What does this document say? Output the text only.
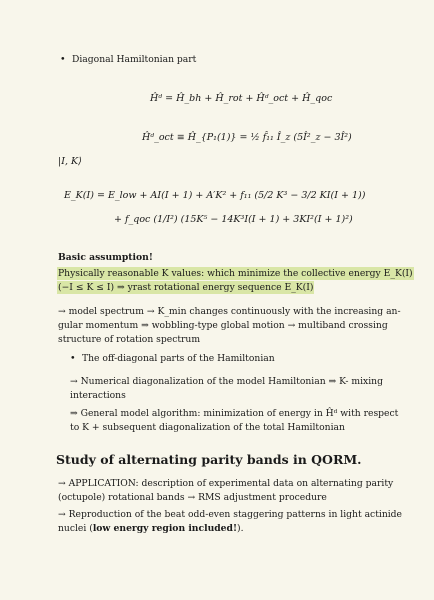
• Diagonal Hamiltonian part
Ĥᵈ = Ĥ_bh + Ĥ_rot + Ĥᵈ_oct + Ĥ_qoc
Ĥᵈ_oct ≡ Ĥ_{P₁(1)} = ½ f̂₁₁ Î_z (5Î²_z − 3Î²)
|I, K⟩
E_K(I) = E_low + AI(I + 1) + A′K² + f₁₁ (5/2 K³ − 3/2 KI(I + 1))
+ f_qoc (1/I²) (15K⁵ − 14K³I(I + 1) + 3KI²(I + 1)²)
Basic assumption!
Physically reasonable K values: which minimize the collective energy E_K(I)
(−I ≤ K ≤ I) ⇒ yrast rotational energy sequence E_K(I)
→ model spectrum → K_min changes continuously with the increasing an-
gular momentum ⇒ wobbling-type global motion → multiband crossing
structure of rotation spectrum
• The off-diagonal parts of the Hamiltonian
→ Numerical diagonalization of the model Hamiltonian ⇒ K- mixing
interactions
⇒ General model algorithm: minimization of energy in Ĥᵈ with respect
to K + subsequent diagonalization of the total Hamiltonian
Study of alternating parity bands in QORM.
→ APPLICATION: description of experimental data on alternating parity
(octupole) rotational bands → RMS adjustment procedure
→ Reproduction of the beat odd-even staggering patterns in light actinide
nuclei (low energy region included!).
